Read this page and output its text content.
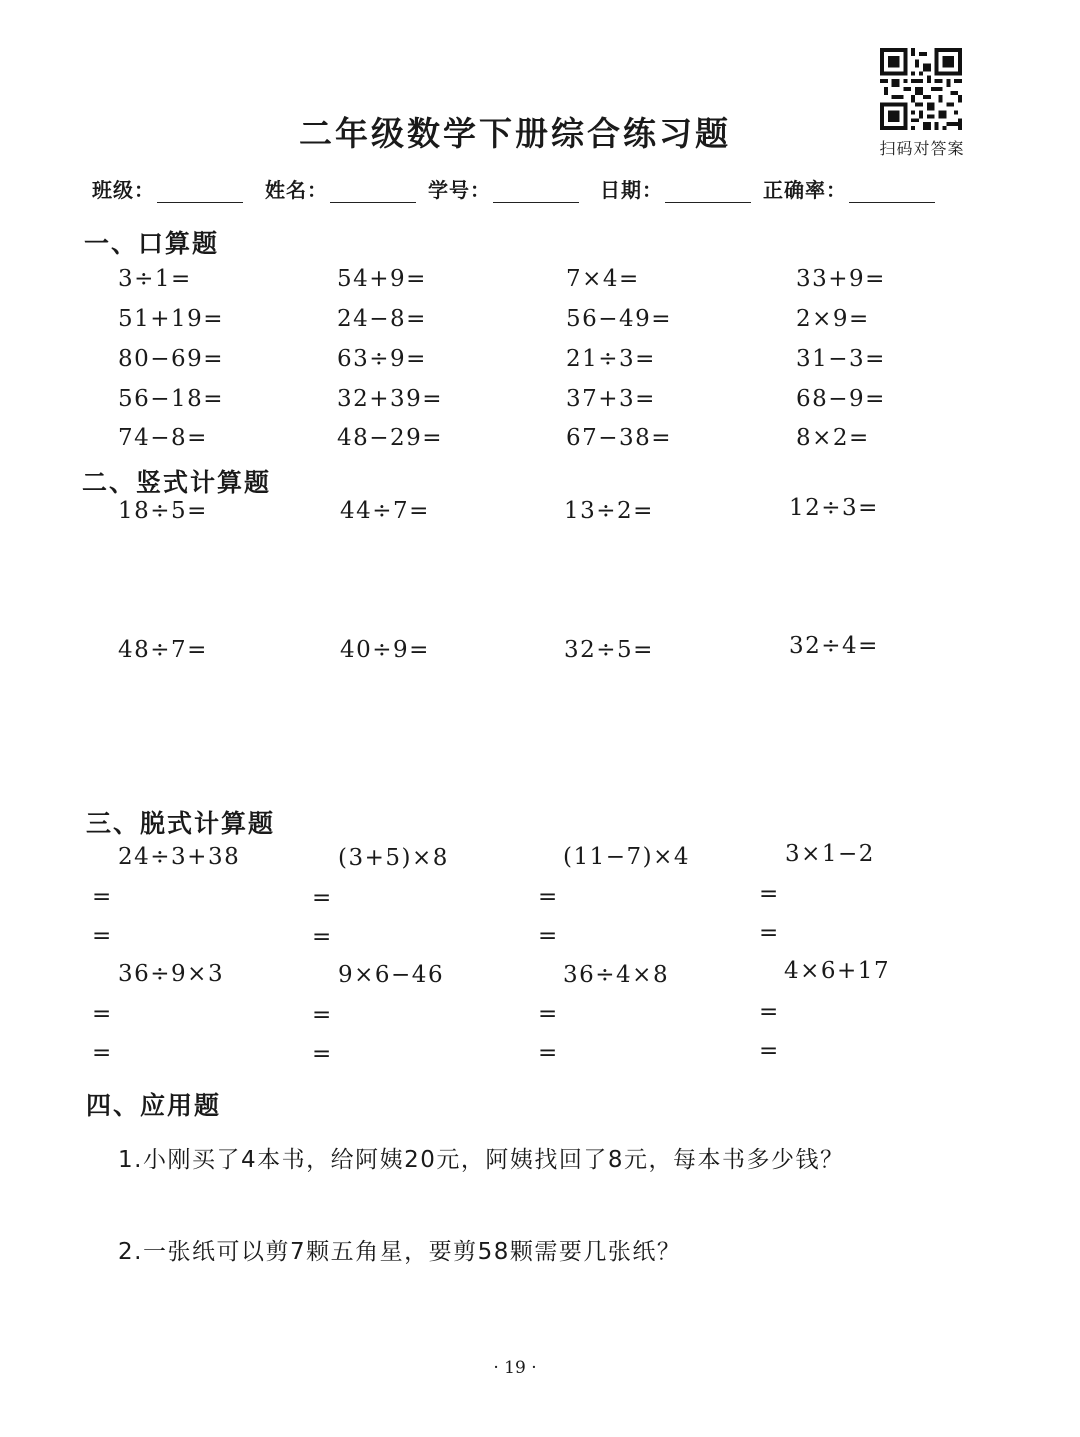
二年级数学下册综合练习题	扫码对答案
班级：	姓名：	学号：	日期：	正确率：
一、口算题
3÷1=	54+9=	7×4=	33+9=
51+19=	24−8=	56−49=	2×9=
80−69=	63÷9=	21÷3=	31−3=
56−18=	32+39=	37+3=	68−9=
74−8=	48−29=	67−38=	8×2=
二、竖式计算题
18÷5=	44÷7=	13÷2=	12÷3=
48÷7=	40÷9=	32÷5=	32÷4=
三、脱式计算题
24÷3+38	(3+5)×8	(11−7)×4	3×1−2
=	=	=	=
=	=	=	=
36÷9×3	9×6−46	36÷4×8	4×6+17
=	=	=	=
=	=	=	=
四、应用题
1.小刚买了4本书，给阿姨20元，阿姨找回了8元，每本书多少钱？
2.一张纸可以剪7颗五角星，要剪58颗需要几张纸？
· 19 ·
